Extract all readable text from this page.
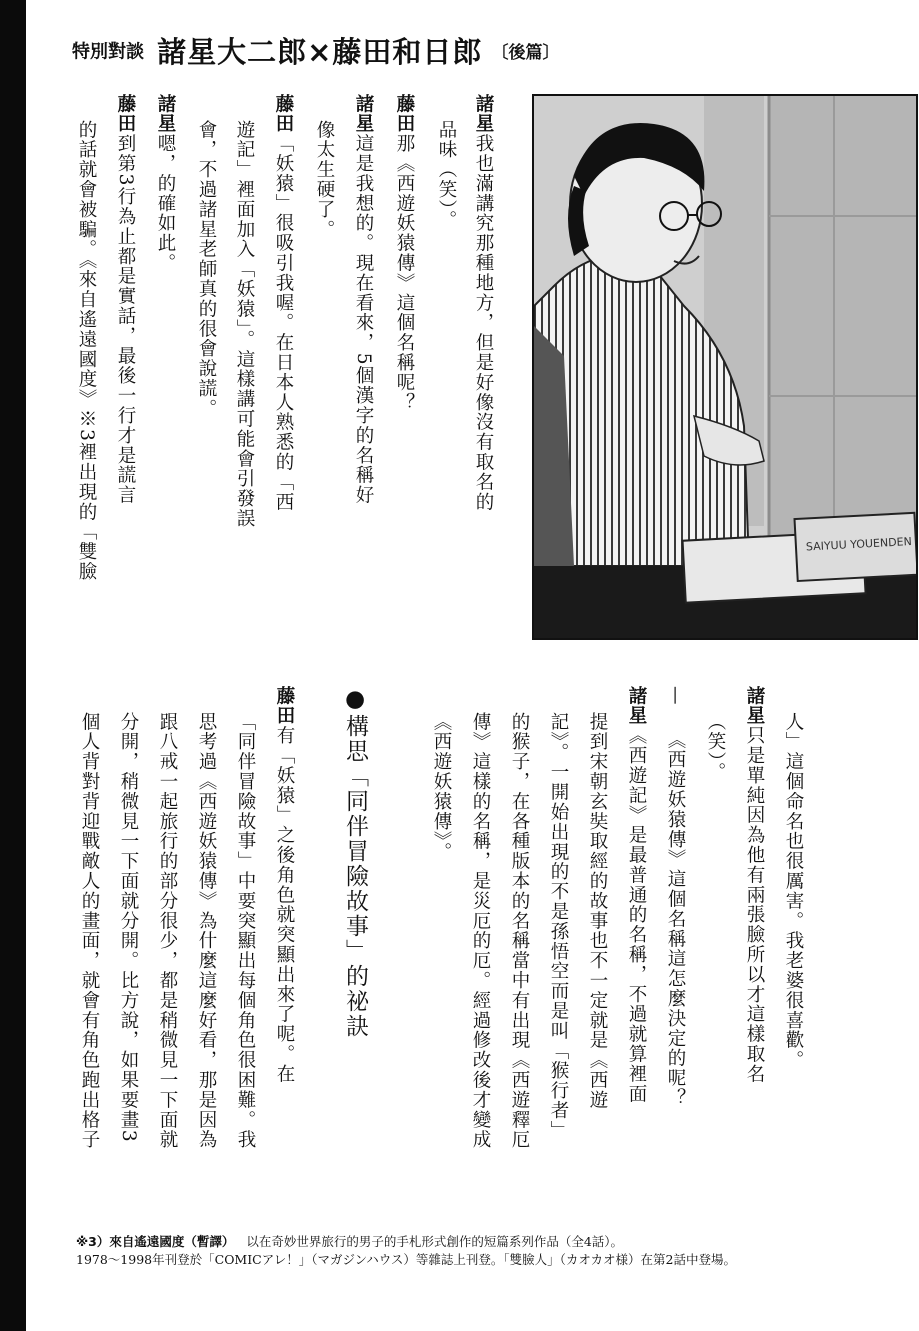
特別對談 諸星大二郎×藤田和日郎 〔後篇〕
SAIYUU YOUENDEN
諸星我也滿講究那種地方，但是好像沒有取名的
品味（笑）。
藤田那《西遊妖猿傳》這個名稱呢？
諸星這是我想的。現在看來，5個漢字的名稱好
像太生硬了。
藤田「妖猿」很吸引我喔。在日本人熟悉的「西
遊記」裡面加入「妖猿」。這樣講可能會引發誤
會，不過諸星老師真的很會說謊。
諸星嗯，的確如此。
藤田到第3行為止都是實話，最後一行才是謊言
的話就會被騙。《來自遙遠國度》※3裡出現的「雙臉
人」這個命名也很厲害。我老婆很喜歡。
諸星只是單純因為他有兩張臉所以才這樣取名
（笑）。
—《西遊妖猿傳》這個名稱這怎麼決定的呢？
諸星《西遊記》是最普通的名稱，不過就算裡面
提到宋朝玄奘取經的故事也不一定就是《西遊
記》。一開始出現的不是孫悟空而是叫「猴行者」
的猴子，在各種版本的名稱當中有出現《西遊釋厄
傳》這樣的名稱，是災厄的厄。經過修改後才變成
《西遊妖猿傳》。
藤田有「妖猿」之後角色就突顯出來了呢。在
「同伴冒險故事」中要突顯出每個角色很困難。我
思考過《西遊妖猿傳》為什麼這麼好看，那是因為
跟八戒一起旅行的部分很少，都是稍微見一下面就
分開，稍微見一下面就分開。比方說，如果要畫3
個人背對背迎戰敵人的畫面，就會有角色跑出格子	●構思「同伴冒險故事」的祕訣
※3）來自遙遠國度（暫譯） 以在奇妙世界旅行的男子的手札形式創作的短篇系列作品（全4話）。
1978～1998年刊登於「COMICアレ！」（マガジンハウス）等雜誌上刊登。「雙臉人」（カオカオ様）在第2話中登場。
